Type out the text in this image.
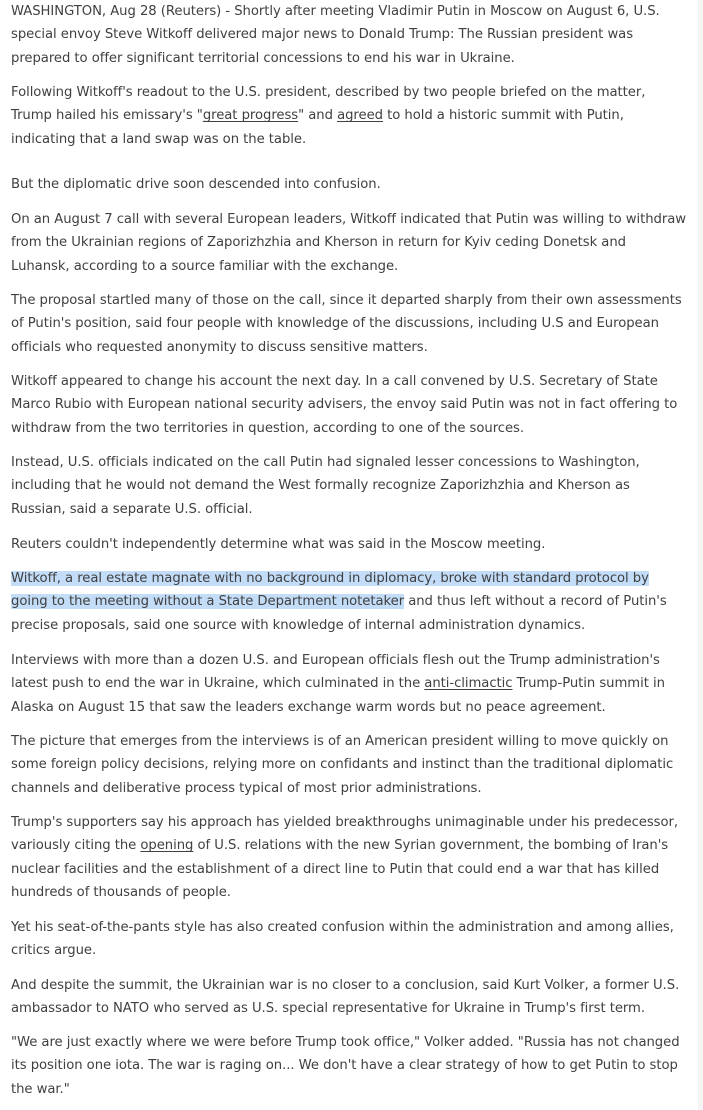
WASHINGTON, Aug 28 (Reuters) - Shortly after meeting Vladimir Putin in Moscow on August 6, U.S. special envoy Steve Witkoff delivered major news to Donald Trump: The Russian president was prepared to offer significant territorial concessions to end his war in Ukraine.

Following Witkoff's readout to the U.S. president, described by two people briefed on the matter, Trump hailed his emissary's "great progress" and agreed to hold a historic summit with Putin, indicating that a land swap was on the table.

But the diplomatic drive soon descended into confusion.

On an August 7 call with several European leaders, Witkoff indicated that Putin was willing to withdraw from the Ukrainian regions of Zaporizhzhia and Kherson in return for Kyiv ceding Donetsk and Luhansk, according to a source familiar with the exchange.

The proposal startled many of those on the call, since it departed sharply from their own assessments of Putin's position, said four people with knowledge of the discussions, including U.S and European officials who requested anonymity to discuss sensitive matters.

Witkoff appeared to change his account the next day. In a call convened by U.S. Secretary of State Marco Rubio with European national security advisers, the envoy said Putin was not in fact offering to withdraw from the two territories in question, according to one of the sources.

Instead, U.S. officials indicated on the call Putin had signaled lesser concessions to Washington, including that he would not demand the West formally recognize Zaporizhzhia and Kherson as Russian, said a separate U.S. official.

Reuters couldn't independently determine what was said in the Moscow meeting.

Witkoff, a real estate magnate with no background in diplomacy, broke with standard protocol by going to the meeting without a State Department notetaker and thus left without a record of Putin's precise proposals, said one source with knowledge of internal administration dynamics.

Interviews with more than a dozen U.S. and European officials flesh out the Trump administration's latest push to end the war in Ukraine, which culminated in the anti-climactic Trump-Putin summit in Alaska on August 15 that saw the leaders exchange warm words but no peace agreement.

The picture that emerges from the interviews is of an American president willing to move quickly on some foreign policy decisions, relying more on confidants and instinct than the traditional diplomatic channels and deliberative process typical of most prior administrations.

Trump's supporters say his approach has yielded breakthroughs unimaginable under his predecessor, variously citing the opening of U.S. relations with the new Syrian government, the bombing of Iran's nuclear facilities and the establishment of a direct line to Putin that could end a war that has killed hundreds of thousands of people.

Yet his seat-of-the-pants style has also created confusion within the administration and among allies, critics argue.

And despite the summit, the Ukrainian war is no closer to a conclusion, said Kurt Volker, a former U.S. ambassador to NATO who served as U.S. special representative for Ukraine in Trump's first term.

"We are just exactly where we were before Trump took office," Volker added. "Russia has not changed its position one iota. The war is raging on... We don't have a clear strategy of how to get Putin to stop the war."
